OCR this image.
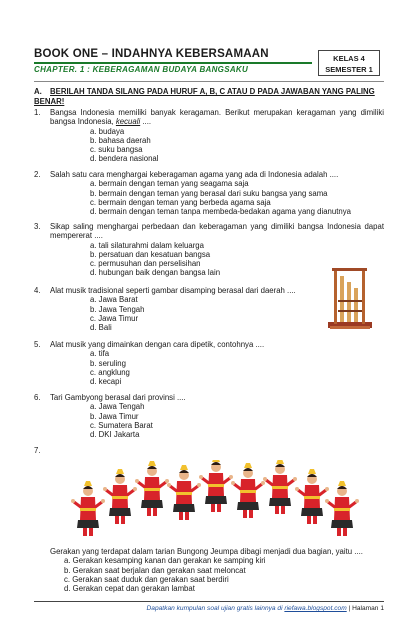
BOOK ONE – INDAHNYA KEBERSAMAAN
CHAPTER. 1 : KEBERAGAMAN BUDAYA BANGSAKU
KELAS 4
SEMESTER 1
A. BERILAH TANDA SILANG PADA HURUF A, B, C ATAU D PADA JAWABAN YANG PALING BENAR!
1. Bangsa Indonesia memiliki banyak keragaman. Berikut merupakan keragaman yang dimiliki bangsa Indonesia, kecuali ....
a. budaya
b. bahasa daerah
c. suku bangsa
d. bendera nasional
2. Salah satu cara menghargai keberagaman agama yang ada di Indonesia adalah ....
a. bermain dengan teman yang seagama saja
b. bermain dengan teman yang berasal dari suku bangsa yang sama
c. bermain dengan teman yang berbeda agama saja
d. bermain dengan teman tanpa membeda-bedakan agama yang dianutnya
3. Sikap saling menghargai perbedaan dan keberagaman yang dimiliki bangsa Indonesia dapat mempererat ....
a. tali silaturahmi dalam keluarga
b. persatuan dan kesatuan bangsa
c. permusuhan dan perselisihan
d. hubungan baik dengan bangsa lain
4. Alat musik tradisional seperti gambar disamping berasal dari daerah ....
a. Jawa Barat
b. Jawa Tengah
c. Jawa Timur
d. Bali
5. Alat musik yang dimainkan dengan cara dipetik, contohnya ....
a. tifa
b. seruling
c. angklung
d. kecapi
6. Tari Gambyong berasal dari provinsi ....
a. Jawa Tengah
b. Jawa Timur
c. Sumatera Barat
d. DKI Jakarta
7.
Gerakan yang terdapat dalam tarian Bungong Jeumpa dibagi menjadi dua bagian, yaitu ....
a. Gerakan kesamping kanan dan gerakan ke samping kiri
b. Gerakan saat berjalan dan gerakan saat meloncat
c. Gerakan saat duduk dan gerakan saat berdiri
d. Gerakan cepat dan gerakan lambat
Dapatkan kumpulan soal ujian gratis lainnya di riefawa.blogspot.com | Halaman 1
